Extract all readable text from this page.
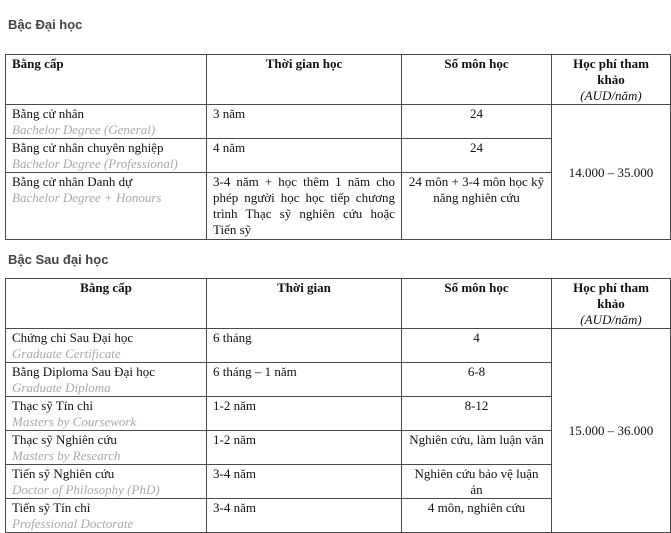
Bậc Đại học
Bằng cấp	Thời gian học	Số môn học	Học phí tham khảo
(AUD/năm)

Bằng cử nhân
Bachelor Degree (General)	3 năm	24	14.000 – 35.000
Bằng cử nhân chuyên nghiệp
Bachelor Degree (Professional)	4 năm	24	
Bằng cử nhân Danh dự
Bachelor Degree + Honours	3-4 năm + học thêm 1 năm cho phép người học học tiếp chương trình Thạc sỹ nghiên cứu hoặc Tiến sỹ	24 môn + 3-4 môn học kỹ năng nghiên cứu	
Bậc Sau đại học
Bằng cấp	Thời gian	Số môn học	Học phí tham khảo
(AUD/năm)

Chứng chỉ Sau Đại học
Graduate Certificate	6 tháng	4	15.000 – 36.000
Bằng Diploma Sau Đại học
Graduate Diploma	6 tháng – 1 năm	6-8	
Thạc sỹ Tín chỉ
Masters by Coursework	1-2 năm	8-12	
Thạc sỹ Nghiên cứu
Masters by Research	1-2 năm	Nghiên cứu, làm luận văn	
Tiến sỹ Nghiên cứu
Doctor of Philosophy (PhD)	3-4 năm	Nghiên cứu bảo vệ luận án	
Tiến sỹ Tín chỉ
Professional Doctorate	3-4 năm	4 môn, nghiên cứu	
